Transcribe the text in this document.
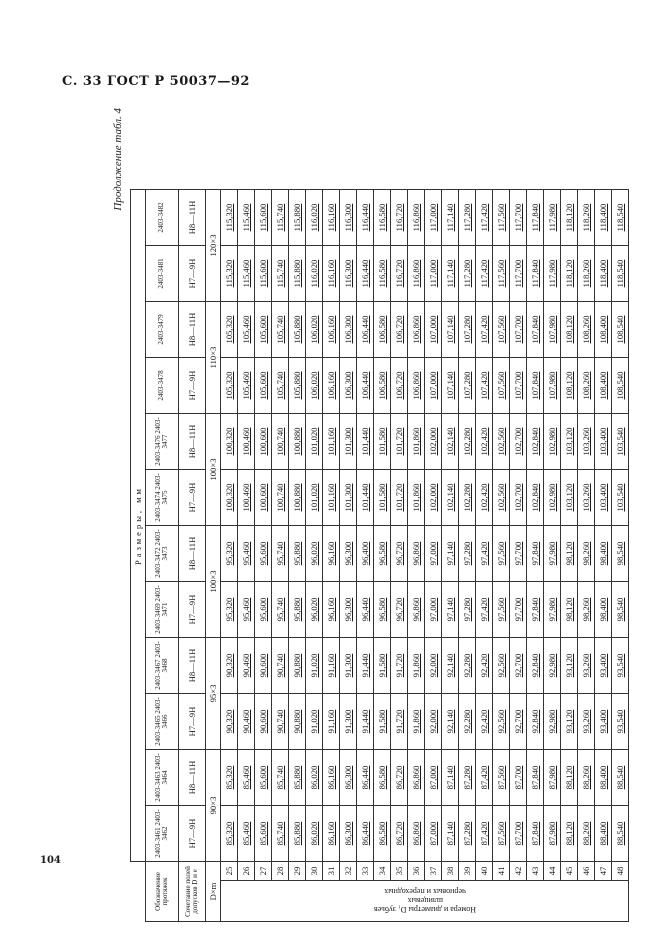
С. 33 ГОСТ Р 50037—92
Продолжение табл. 4
		Размеры, мм											
Обозначение протяжек		2403-3461 2403-3462	2403-3463 2403-3464	2403-3465 2403-3466	2403-3467 2403-3468	2403-3469 2403-3471	2403-3472 2403-3473	2403-3474 2403-3475	2403-3476 2403-3477	2403-3478	2403-3479	2403-3481	2403-3482
Сочетание полей допусков D и e		H7—9H	H8—11H	H7—9H	H8—11H	H7—9H	H8—11H	H7—9H	H8—11H	H7—9H	H8—11H	H7—9H	H8—11H
D×m		90×3		95×3		100×3		100×3		110×3		120×3	
Номера и диаметры D₁ зубьев
шлицевых
черновых и переходных	25	85,320	85,320	90,320	90,320	95,320	95,320	100,320	100,320	105,320	105,320	115,320	115,320
	26	85,460	85,460	90,460	90,460	95,460	95,460	100,460	100,460	105,460	105,460	115,460	115,460
	27	85,600	85,600	90,600	90,600	95,600	95,600	100,600	100,600	105,600	105,600	115,600	115,600
	28	85,740	85,740	90,740	90,740	95,740	95,740	100,740	100,740	105,740	105,740	115,740	115,740
	29	85,880	85,880	90,880	90,880	95,880	95,880	100,880	100,880	105,880	105,880	115,880	115,880
	30	86,020	86,020	91,020	91,020	96,020	96,020	101,020	101,020	106,020	106,020	116,020	116,020
	31	86,160	86,160	91,160	91,160	96,160	96,160	101,160	101,160	106,160	106,160	116,160	116,160
	32	86,300	86,300	91,300	91,300	96,300	96,300	101,300	101,300	106,300	106,300	116,300	116,300
	33	86,440	86,440	91,440	91,440	96,440	96,400	101,440	101,440	106,440	106,440	116,440	116,440
	34	86,580	86,580	91,580	91,580	96,580	96,580	101,580	101,580	106,580	106,580	116,580	116,580
	35	86,720	86,720	91,720	91,720	96,720	96,720	101,720	101,720	106,720	106,720	116,720	116,720
	36	86,860	86,860	91,860	91,860	96,860	96,860	101,860	101,860	106,860	106,860	116,860	116,860
	37	87,000	87,000	92,000	92,000	97,000	97,000	102,000	102,000	107,000	107,000	117,000	117,000
	38	87,140	87,140	92,140	92,140	97,140	97,140	102,140	102,140	107,140	107,140	117,140	117,140
	39	87,280	87,280	92,280	92,280	97,280	97,280	102,280	102,280	107,280	107,280	117,280	117,280
	40	87,420	87,420	92,420	92,420	97,420	97,420	102,420	102,420	107,420	107,420	117,420	117,420
	41	87,560	87,560	92,560	92,560	97,560	97,560	102,560	102,560	107,560	107,560	117,560	117,560
	42	87,700	87,700	92,700	92,700	97,700	97,700	102,700	102,700	107,700	107,700	117,700	117,700
	43	87,840	87,840	92,840	92,840	97,840	97,840	102,840	102,840	107,840	107,840	117,840	117,840
	44	87,980	87,980	92,980	92,980	97,980	97,980	102,980	102,980	107,980	107,980	117,980	117,980
	45	88,120	88,120	93,120	93,120	98,120	98,120	103,120	103,120	108,120	108,120	118,120	118,120
	46	88,260	88,260	93,260	93,260	98,260	98,260	103,260	103,260	108,260	108,260	118,260	118,260
	47	88,400	88,400	93,400	93,400	98,400	98,400	103,400	103,400	108,400	108,400	118,400	118,400
	48	88,540	88,540	93,540	93,540	98,540	98,540	103,540	103,540	108,540	108,540	118,540	118,540
104
